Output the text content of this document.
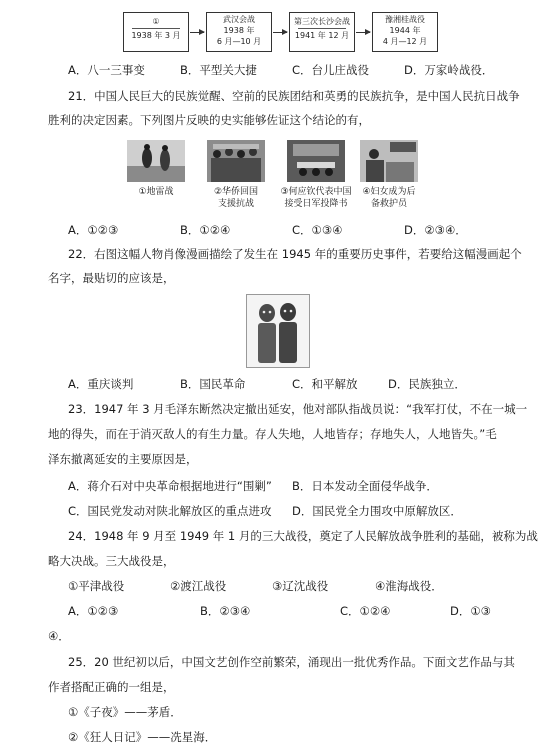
①
1938 年 3 月
武汉会战
1938 年
6 月—10 月
第三次长沙会战
1941 年 12 月
豫湘桂战役
1944 年
4 月—12 月
A．八一三事变	B．平型关大捷	C．台儿庄战役	D．万家岭战役．
21．中国人民巨大的民族觉醒、空前的民族团结和英勇的民族抗争，是中国人民抗日战争
胜利的决定因素。下列图片反映的史实能够佐证这个结论的有，
①地雷战	②华侨回国
支援抗战
③何应钦代表中国
接受日军投降书
④妇女成为后
备救护员
A．①②③	B．①②④	C．①③④	D．②③④．
22．右图这幅人物肖像漫画描绘了发生在 1945 年的重要历史事件，若要给这幅漫画起个
名字，最贴切的应该是，
A．重庆谈判	B．国民革命	C．和平解放	D．民族独立．
23．1947 年 3 月毛泽东断然决定撤出延安，他对部队指战员说：“我军打仗，不在一城一
地的得失，而在于消灭敌人的有生力量。存人失地，人地皆存；存地失人，人地皆失。”毛
泽东撤离延安的主要原因是，
A．蒋介石对中央革命根据地进行“围剿” B．日本发动全面侵华战争．
C．国民党发动对陕北解放区的重点进攻 D．国民党全力围攻中原解放区．
24．1948 年 9 月至 1949 年 1 月的三大战役，奠定了人民解放战争胜利的基础，被称为战
略大决战。三大战役是，
①平津战役	②渡江战役	③辽沈战役	④淮海战役．
A．①②③	B．②③④	C．①②④	D．①③
④．
25．20 世纪初以后，中国文艺创作空前繁荣，涌现出一批优秀作品。下面文艺作品与其
作者搭配正确的一组是，
①《子夜》——茅盾．
②《狂人日记》——冼星海．
